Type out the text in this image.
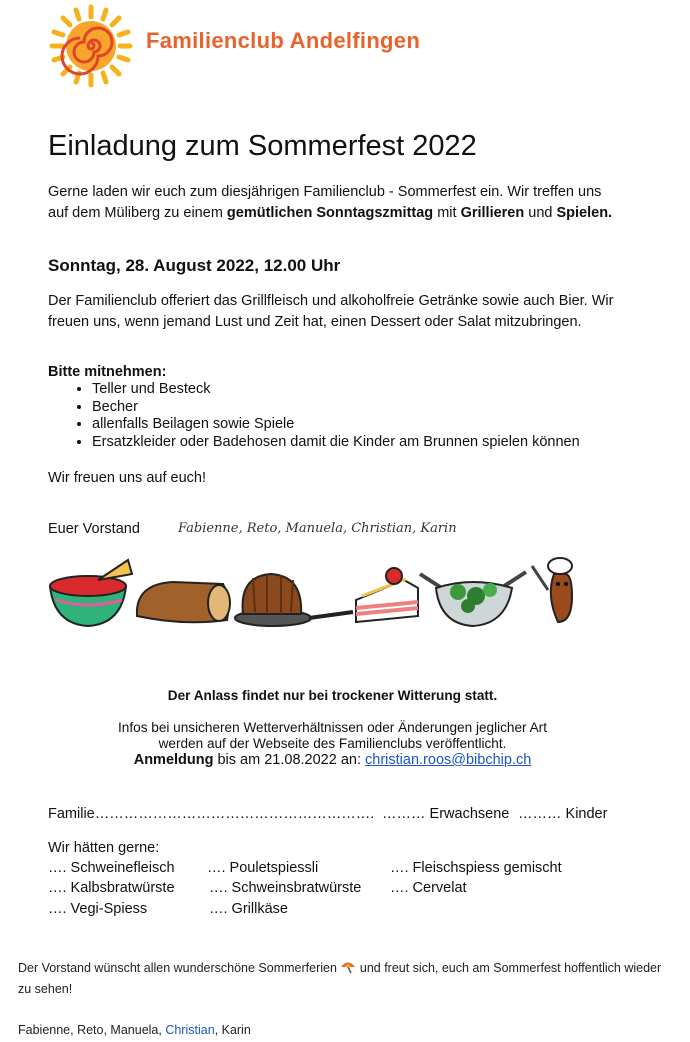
Familienclub Andelfingen
Einladung zum Sommerfest 2022
Gerne laden wir euch zum diesjährigen Familienclub - Sommerfest ein. Wir treffen uns auf dem Müliberg zu einem gemütlichen Sonntagszmittag mit Grillieren und Spielen.
Sonntag, 28. August 2022, 12.00 Uhr
Der Familienclub offeriert das Grillfleisch und alkoholfreie Getränke sowie auch Bier. Wir freuen uns, wenn jemand Lust und Zeit hat, einen Dessert oder Salat mitzubringen.
Bitte mitnehmen:
• Teller und Besteck
• Becher
• allenfalls Beilagen sowie Spiele
• Ersatzkleider oder Badehosen damit die Kinder am Brunnen spielen können
Wir freuen uns auf euch!
Euer Vorstand	Fabienne, Reto, Manuela, Christian, Karin
Der Anlass findet nur bei trockener Witterung statt.
Infos bei unsicheren Wetterverhältnissen oder Änderungen jeglicher Art
werden auf der Webseite des Familienclubs veröffentlicht.
Anmeldung bis am 21.08.2022 an: christian.roos@bibchip.ch
Familie…………………………………………………. ……… Erwachsene ……… Kinder
Wir hätten gerne:
…. Schweinefleisch …. Pouletspiessli	…. Fleischspiess gemischt
…. Kalbsbratwürste …. Schweinsbratwürste …. Cervelat
…. Vegi-Spiess	…. Grillkäse
Der Vorstand wünscht allen wunderschöne Sommerferien  und freut sich, euch am Sommerfest hoffentlich wieder
zu sehen!
Fabienne, Reto, Manuela, Christian, Karin
